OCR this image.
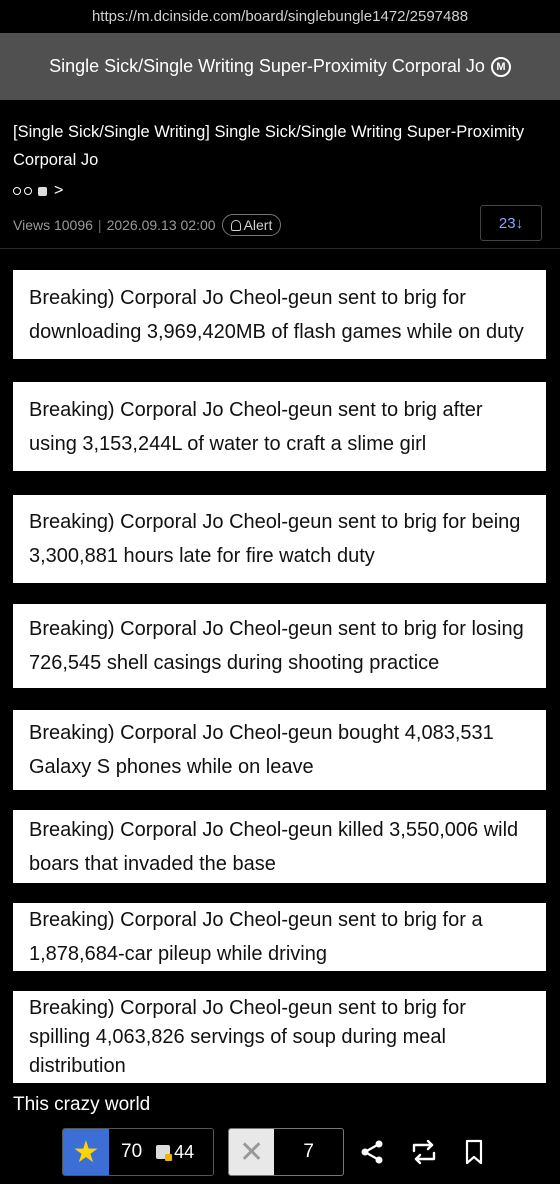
https://m.dcinside.com/board/singlebungle1472/2597488
Single Sick/Single Writing Super-Proximity Corporal Jo	M
[Single Sick/Single Writing] Single Sick/Single Writing Super-Proximity Corporal Jo
>
Views 10096 | 2026.09.13 02:00 Alert	23↓
Breaking) Corporal Jo Cheol-geun sent to brig for downloading 3,969,420MB of flash games while on duty
Breaking) Corporal Jo Cheol-geun sent to brig after using 3,153,244L of water to craft a slime girl
Breaking) Corporal Jo Cheol-geun sent to brig for being 3,300,881 hours late for fire watch duty
Breaking) Corporal Jo Cheol-geun sent to brig for losing 726,545 shell casings during shooting practice
Breaking) Corporal Jo Cheol-geun bought 4,083,531 Galaxy S phones while on leave
Breaking) Corporal Jo Cheol-geun killed 3,550,006 wild boars that invaded the base
Breaking) Corporal Jo Cheol-geun sent to brig for a 1,878,684-car pileup while driving
Breaking) Corporal Jo Cheol-geun sent to brig for spilling 4,063,826 servings of soup during meal distribution
This crazy world
★	70 44	✕	7
